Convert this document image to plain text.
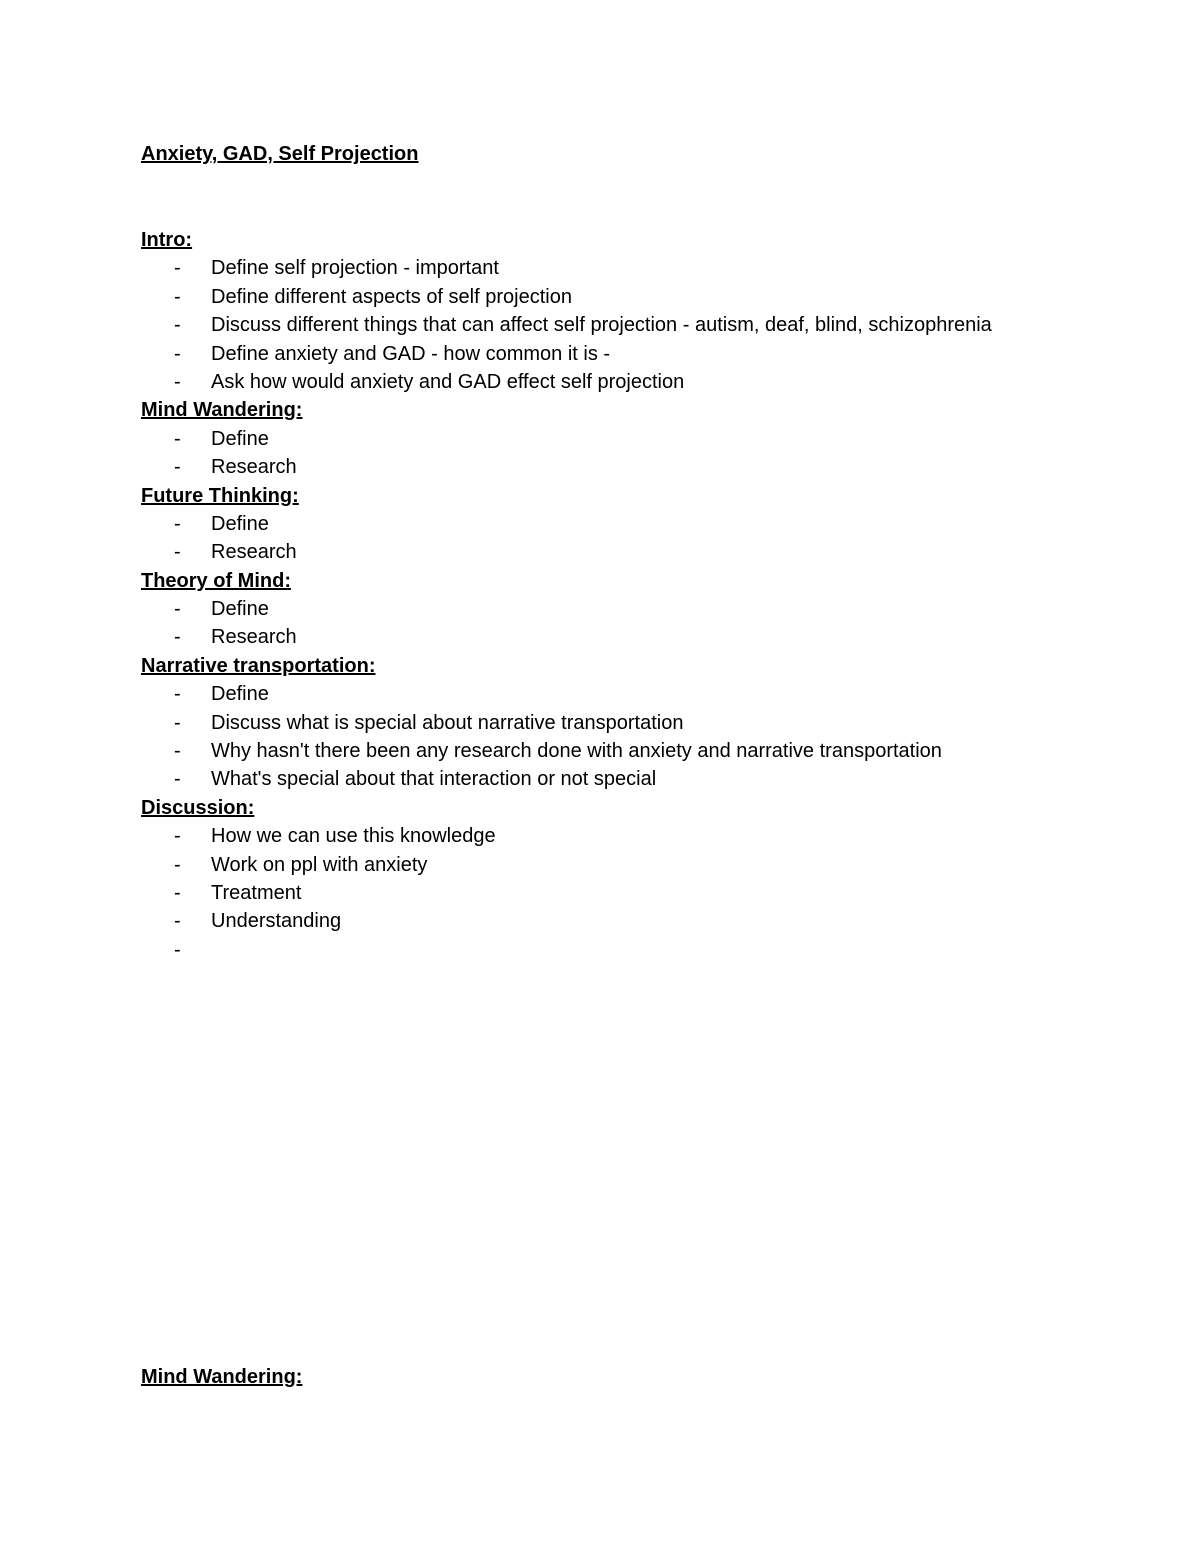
Anxiety, GAD, Self Projection
Intro:
- Define self projection - important
- Define different aspects of self projection
- Discuss different things that can affect self projection - autism, deaf, blind, schizophrenia
- Define anxiety and GAD - how common it is -
- Ask how would anxiety and GAD effect self projection
Mind Wandering:
- Define
- Research
Future Thinking:
- Define
- Research
Theory of Mind:
- Define
- Research
Narrative transportation:
- Define
- Discuss what is special about narrative transportation
- Why hasn't there been any research done with anxiety and narrative transportation
- What's special about that interaction or not special
Discussion:
- How we can use this knowledge
- Work on ppl with anxiety
- Treatment
- Understanding
-
Mind Wandering:
